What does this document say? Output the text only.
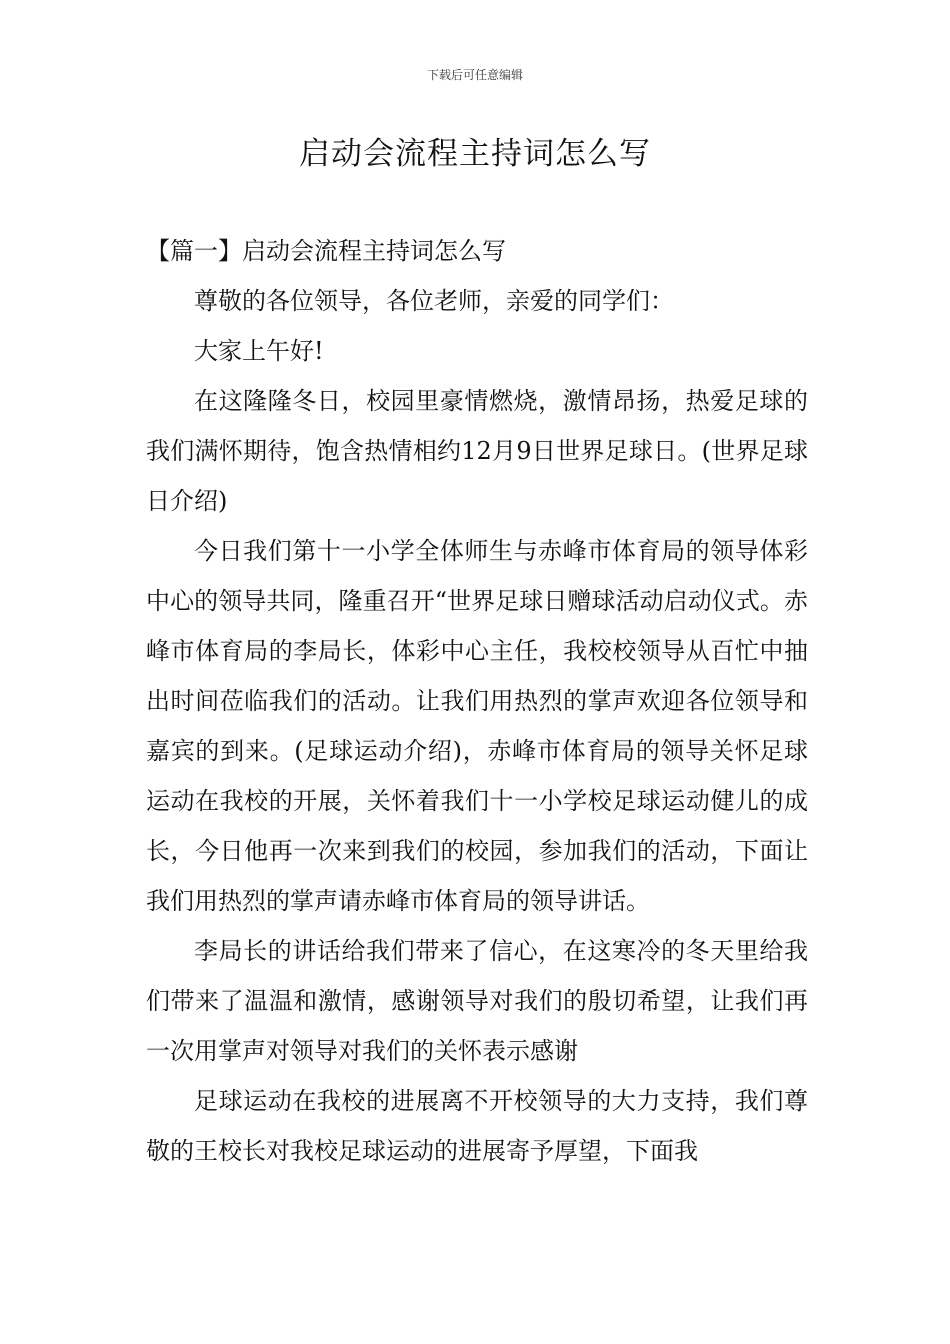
下载后可任意编辑
启动会流程主持词怎么写

【篇一】启动会流程主持词怎么写

尊敬的各位领导，各位老师，亲爱的同学们：

大家上午好!

在这隆隆冬日，校园里豪情燃烧，激情昂扬，热爱足球的我们满怀期待，饱含热情相约12月9日世界足球日。(世界足球日介绍)

今日我们第十一小学全体师生与赤峰市体育局的领导体彩中心的领导共同，隆重召开“世界足球日赠球活动启动仪式。赤峰市体育局的李局长，体彩中心主任，我校校领导从百忙中抽出时间莅临我们的活动。让我们用热烈的掌声欢迎各位领导和嘉宾的到来。(足球运动介绍)，赤峰市体育局的领导关怀足球运动在我校的开展，关怀着我们十一小学校足球运动健儿的成长，今日他再一次来到我们的校园，参加我们的活动，下面让我们用热烈的掌声请赤峰市体育局的领导讲话。

李局长的讲话给我们带来了信心，在这寒冷的冬天里给我们带来了温温和激情，感谢领导对我们的殷切希望，让我们再一次用掌声对领导对我们的关怀表示感谢

足球运动在我校的进展离不开校领导的大力支持，我们尊敬的王校长对我校足球运动的进展寄予厚望，下面我
